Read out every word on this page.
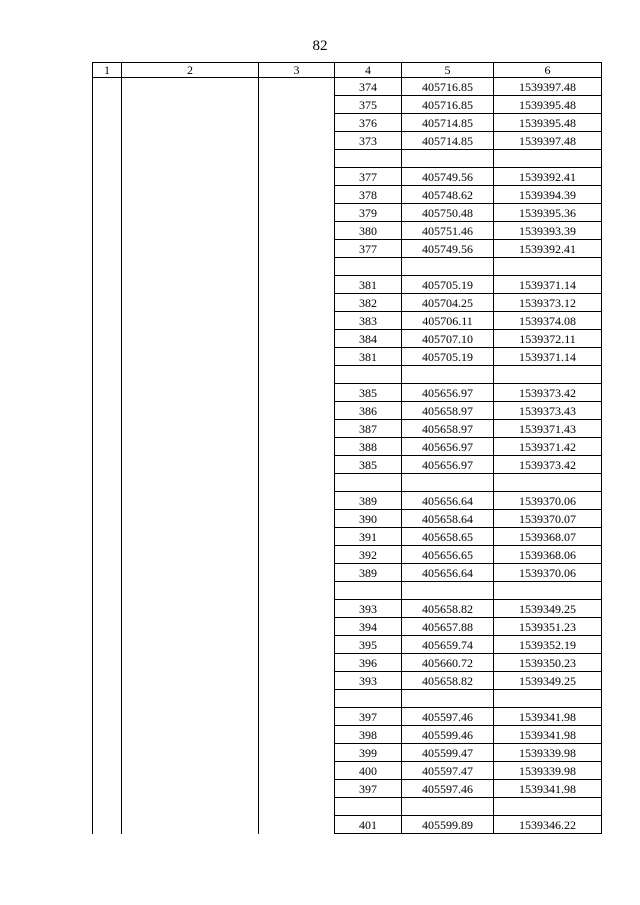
82
1	2	3	4	5	6
			374	405716.85	1539397.48
			375	405716.85	1539395.48
			376	405714.85	1539395.48
			373	405714.85	1539397.48

			377	405749.56	1539392.41
			378	405748.62	1539394.39
			379	405750.48	1539395.36
			380	405751.46	1539393.39
			377	405749.56	1539392.41

			381	405705.19	1539371.14
			382	405704.25	1539373.12
			383	405706.11	1539374.08
			384	405707.10	1539372.11
			381	405705.19	1539371.14

			385	405656.97	1539373.42
			386	405658.97	1539373.43
			387	405658.97	1539371.43
			388	405656.97	1539371.42
			385	405656.97	1539373.42

			389	405656.64	1539370.06
			390	405658.64	1539370.07
			391	405658.65	1539368.07
			392	405656.65	1539368.06
			389	405656.64	1539370.06

			393	405658.82	1539349.25
			394	405657.88	1539351.23
			395	405659.74	1539352.19
			396	405660.72	1539350.23
			393	405658.82	1539349.25

			397	405597.46	1539341.98
			398	405599.46	1539341.98
			399	405599.47	1539339.98
			400	405597.47	1539339.98
			397	405597.46	1539341.98

			401	405599.89	1539346.22
